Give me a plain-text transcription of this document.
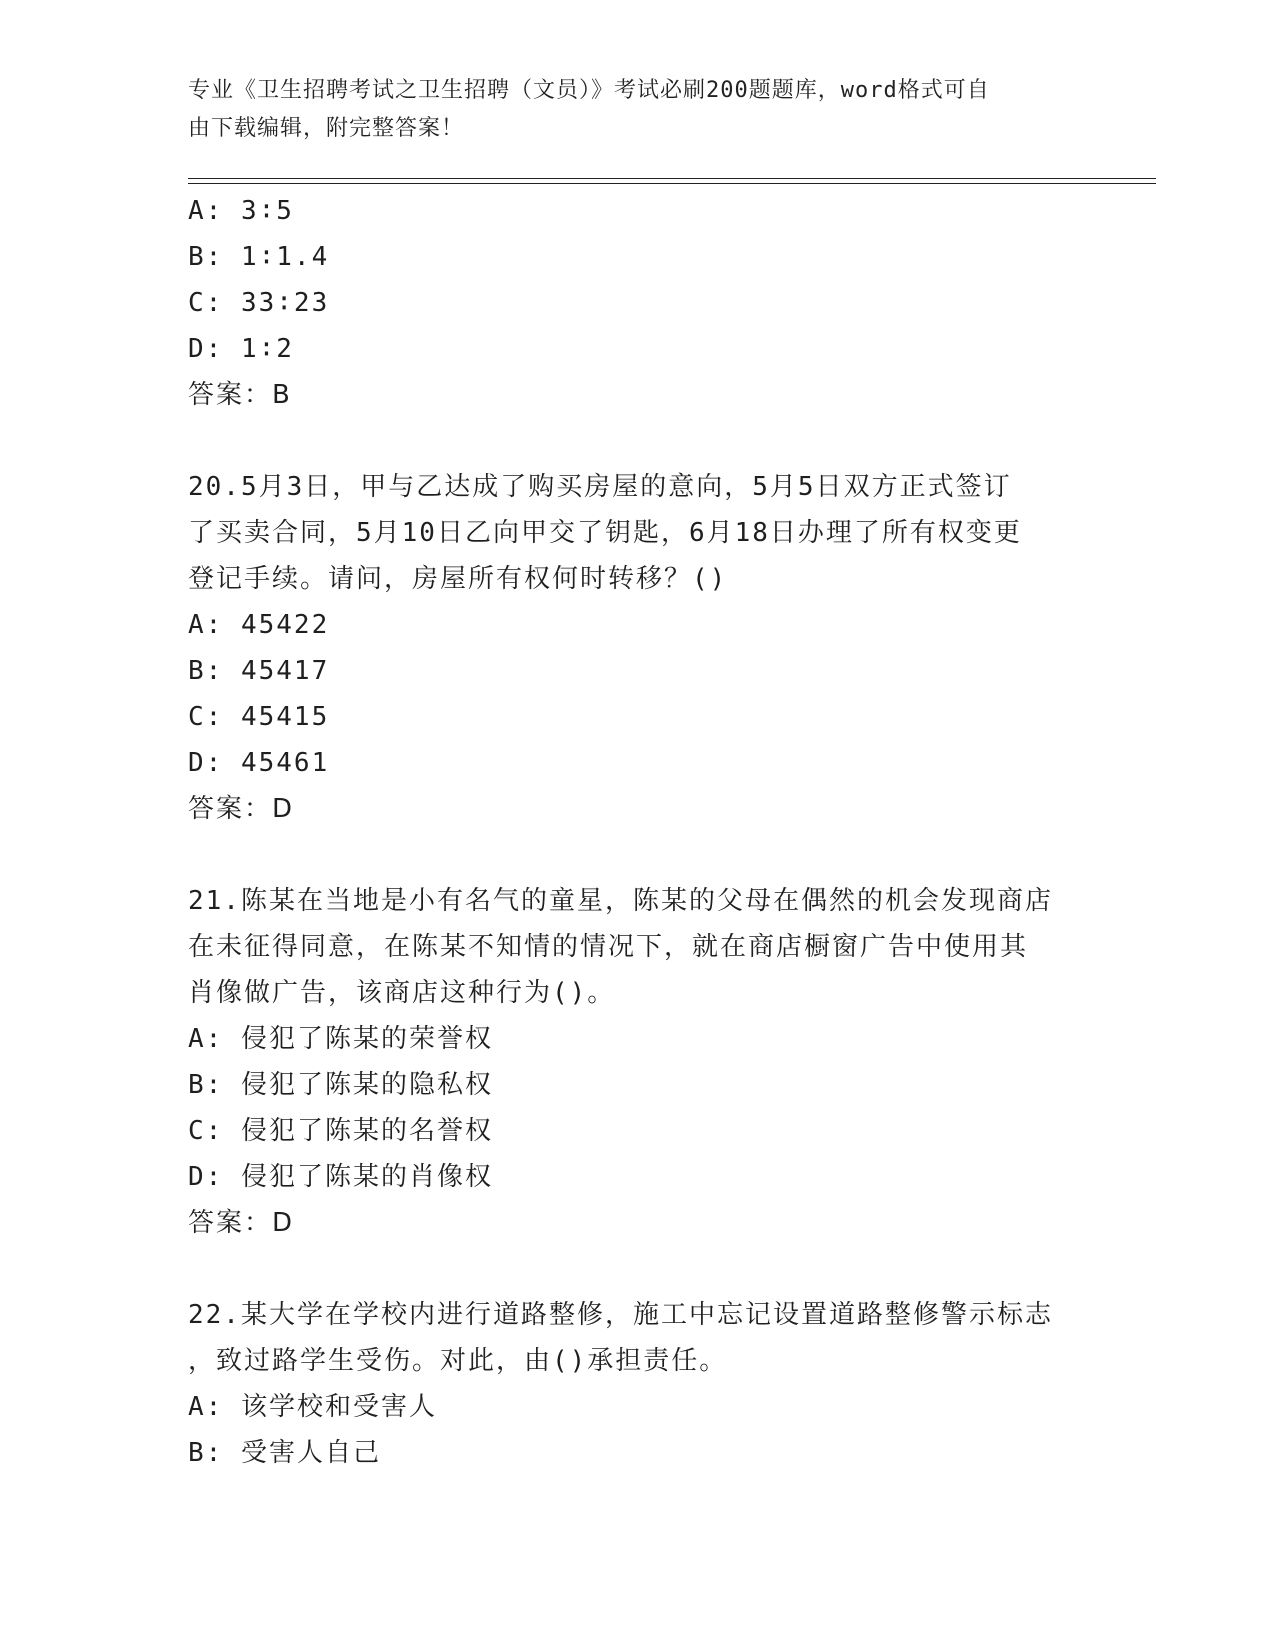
专业《卫生招聘考试之卫生招聘（文员）》考试必刷200题题库，word格式可自
由下载编辑，附完整答案！
A: 3∶5
B: 1∶1.4
C: 33∶23
D: 1∶2
答案：B
20.5月3日，甲与乙达成了购买房屋的意向，5月5日双方正式签订
了买卖合同，5月10日乙向甲交了钥匙，6月18日办理了所有权变更
登记手续。请问，房屋所有权何时转移？()
A: 45422
B: 45417
C: 45415
D: 45461
答案：D
21.陈某在当地是小有名气的童星，陈某的父母在偶然的机会发现商店
在未征得同意，在陈某不知情的情况下，就在商店橱窗广告中使用其
肖像做广告，该商店这种行为()。
A: 侵犯了陈某的荣誉权
B: 侵犯了陈某的隐私权
C: 侵犯了陈某的名誉权
D: 侵犯了陈某的肖像权
答案：D
22.某大学在学校内进行道路整修，施工中忘记设置道路整修警示标志
，致过路学生受伤。对此，由()承担责任。
A: 该学校和受害人
B: 受害人自己
